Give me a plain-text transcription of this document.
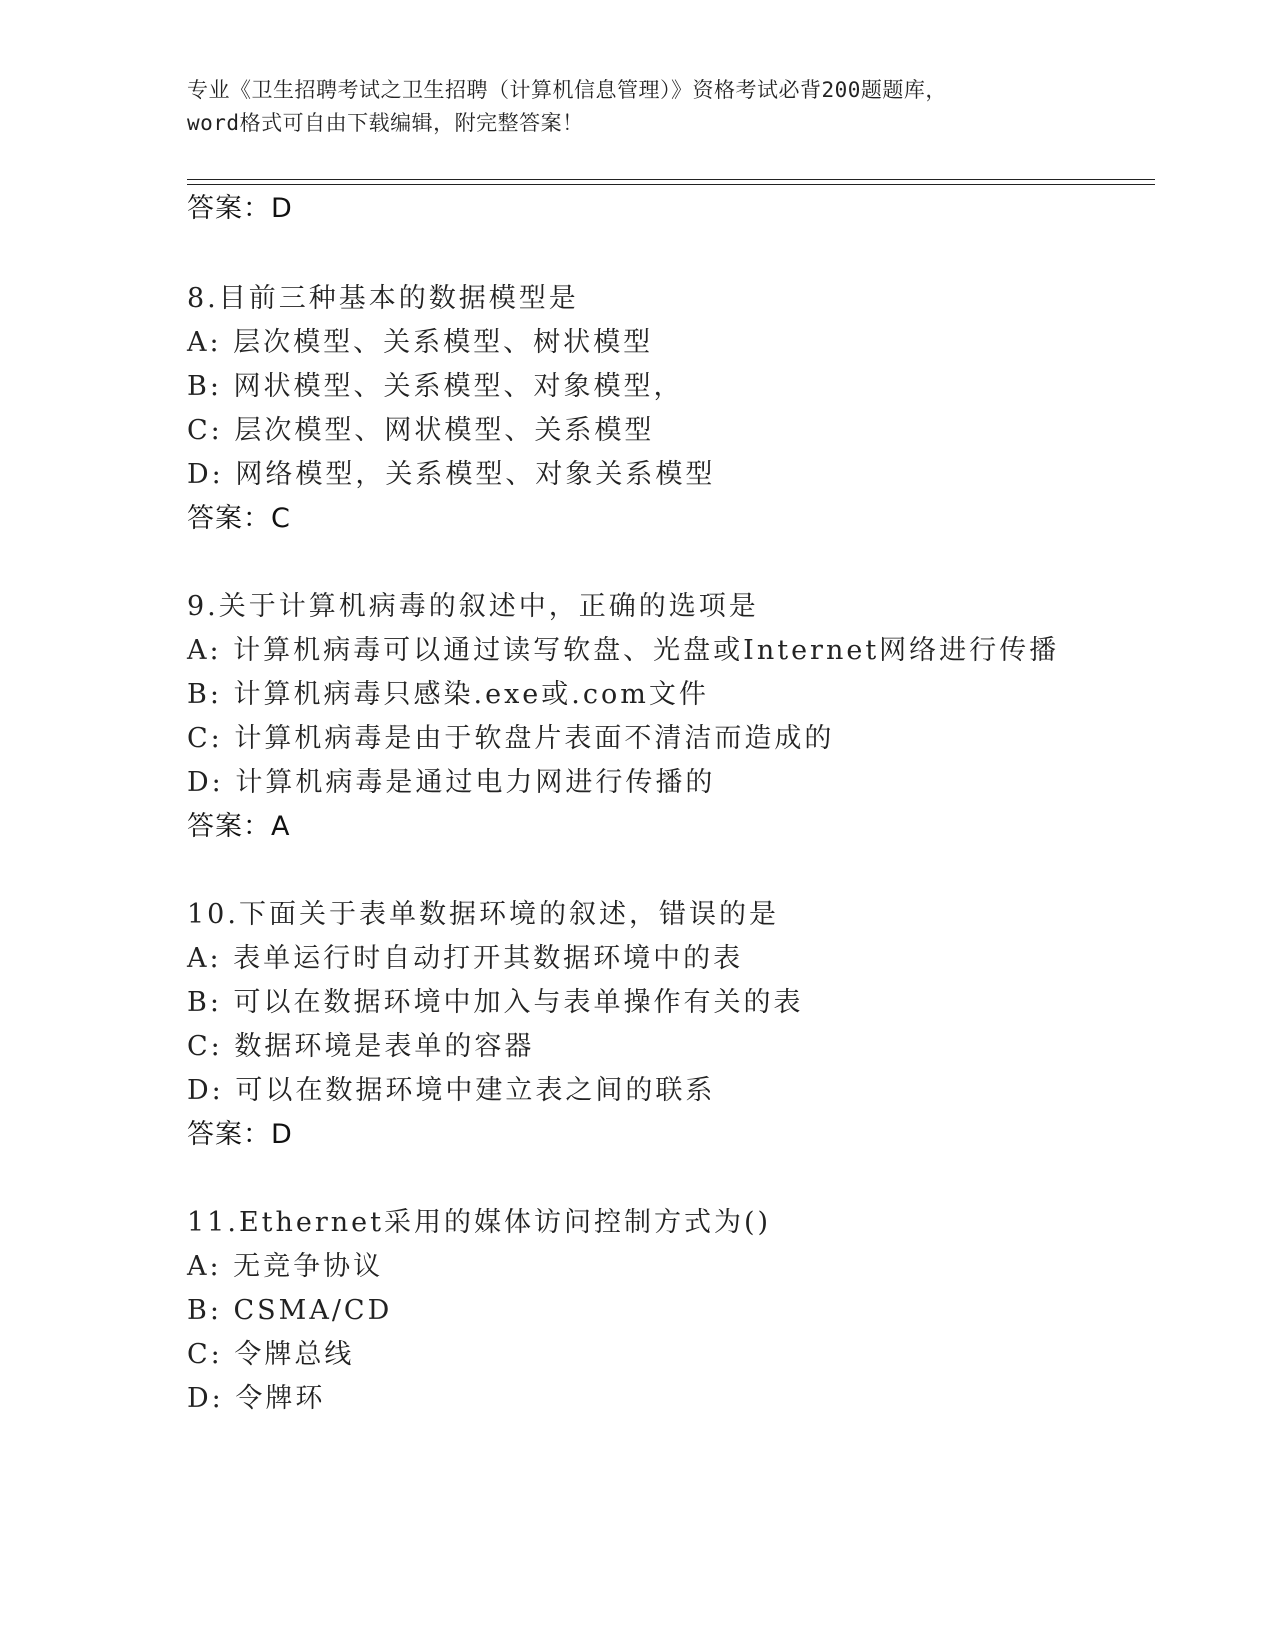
专业《卫生招聘考试之卫生招聘（计算机信息管理）》资格考试必背200题题库，
word格式可自由下载编辑，附完整答案！
答案：D
8.目前三种基本的数据模型是
A: 层次模型、关系模型、树状模型
B: 网状模型、关系模型、对象模型，
C: 层次模型、网状模型、关系模型
D: 网络模型，关系模型、对象关系模型
答案：C
9.关于计算机病毒的叙述中，正确的选项是
A: 计算机病毒可以通过读写软盘、光盘或Internet网络进行传播
B: 计算机病毒只感染.exe或.com文件
C: 计算机病毒是由于软盘片表面不清洁而造成的
D: 计算机病毒是通过电力网进行传播的
答案：A
10.下面关于表单数据环境的叙述，错误的是
A: 表单运行时自动打开其数据环境中的表
B: 可以在数据环境中加入与表单操作有关的表
C: 数据环境是表单的容器
D: 可以在数据环境中建立表之间的联系
答案：D
11.Ethernet采用的媒体访问控制方式为()
A: 无竞争协议
B: CSMA/CD
C: 令牌总线
D: 令牌环
